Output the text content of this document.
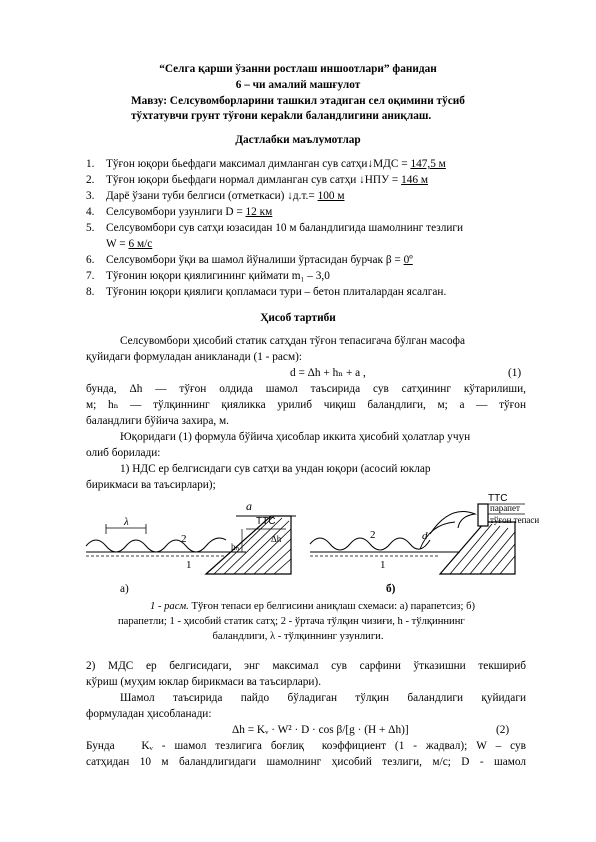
“Селга қарши ўзанни ростлаш иншоотлари” фанидан
6 – чи амалий машғулот
Мавзу: Селсувомборларини ташкил этадиган сел оқимини тўсиб
тўхтатувчи грунт тўғони кераkли баландлигини аниқлаш.
Дастлабки маълумотлар
1. Тўғон юқори бьефдаги максимал димланган сув сатҳи↓МДС = 147,5 м
2. Тўғон юқори бьефдаги нормал димланган сув сатҳи ↓НПУ = 146 м
3. Дарё ўзани туби белгиси (отметкаси) ↓д.т.= 100 м
4. Селсувомбори узунлиги D = 12 км
5. Селсувомбори сув сатҳи юзасидан 10 м баландлигида шамолнинг тезлиги
W = 6 м/с
6. Селсувомбори ўқи ва шамол йўналиши ўртасидан бурчак β = 0º
7. Тўғонин юқори қиялигининг қиймати m₁ – 3,0
8. Тўғонин юқори қиялиги қопламаси тури – бетон плиталардан ясалган.
Ҳисоб тартиби
Селсувомбори ҳисобий статик сатҳдан тўғон тепасигача бўлган масофа
қуйидаги формуладан аникланади (1 - расм):
d = Δh + hₙ + a ,	(1)
бунда, Δh — тўғон олдида шамол таъсирида сув сатҳининг кўтарилиши,
м; hₙ — тўлқиннинг қияликка урилиб чиқиш баландлиги, м; a — тўғон
баландлиги бўйича захира, м.
Юқоридаги (1) формула бўйича ҳисоблар иккита ҳисобий ҳолатлар учун
олиб борилади:
1) НДС ер белгисидаги сув сатҳи ва ундан юқори (асосий юклар
бирикмаси ва таъсирлари);
λ
2
1
a
ТТС
Δh
hₙ
2
1
d
ТТС
парапет
тўғон тепаси
а)	б)
1 - расм. Тўғон тепаси ер белгисини аниқлаш схемаси: а) парапетсиз; б)
парапетли; 1 - ҳисобий статик сатҳ; 2 - ўртача тўлқин чизиғи, h - тўлқиннинг
баландлиги, λ - тўлқиннинг узунлиги.
2) МДС ер белгисидаги, энг максимал сув сарфини ўтказишни текшириб
кўриш (муҳим юклар бирикмаси ва таъсирлари).
Шамол таъсирида пайдо бўладиган тўлқин баландлиги қуйидаги
формуладан ҳисобланади:
Δh = Kᵥ · W² · D · cos β/[g · (H + Δh)]	(2)
Бунда   Kᵥ - шамол тезлигига боғлиқ  коэффициент (1 - жадвал); W – сув
сатҳидан 10 м баландлигидаги шамолнинг ҳисобий тезлиги, м/с; D - шамол
